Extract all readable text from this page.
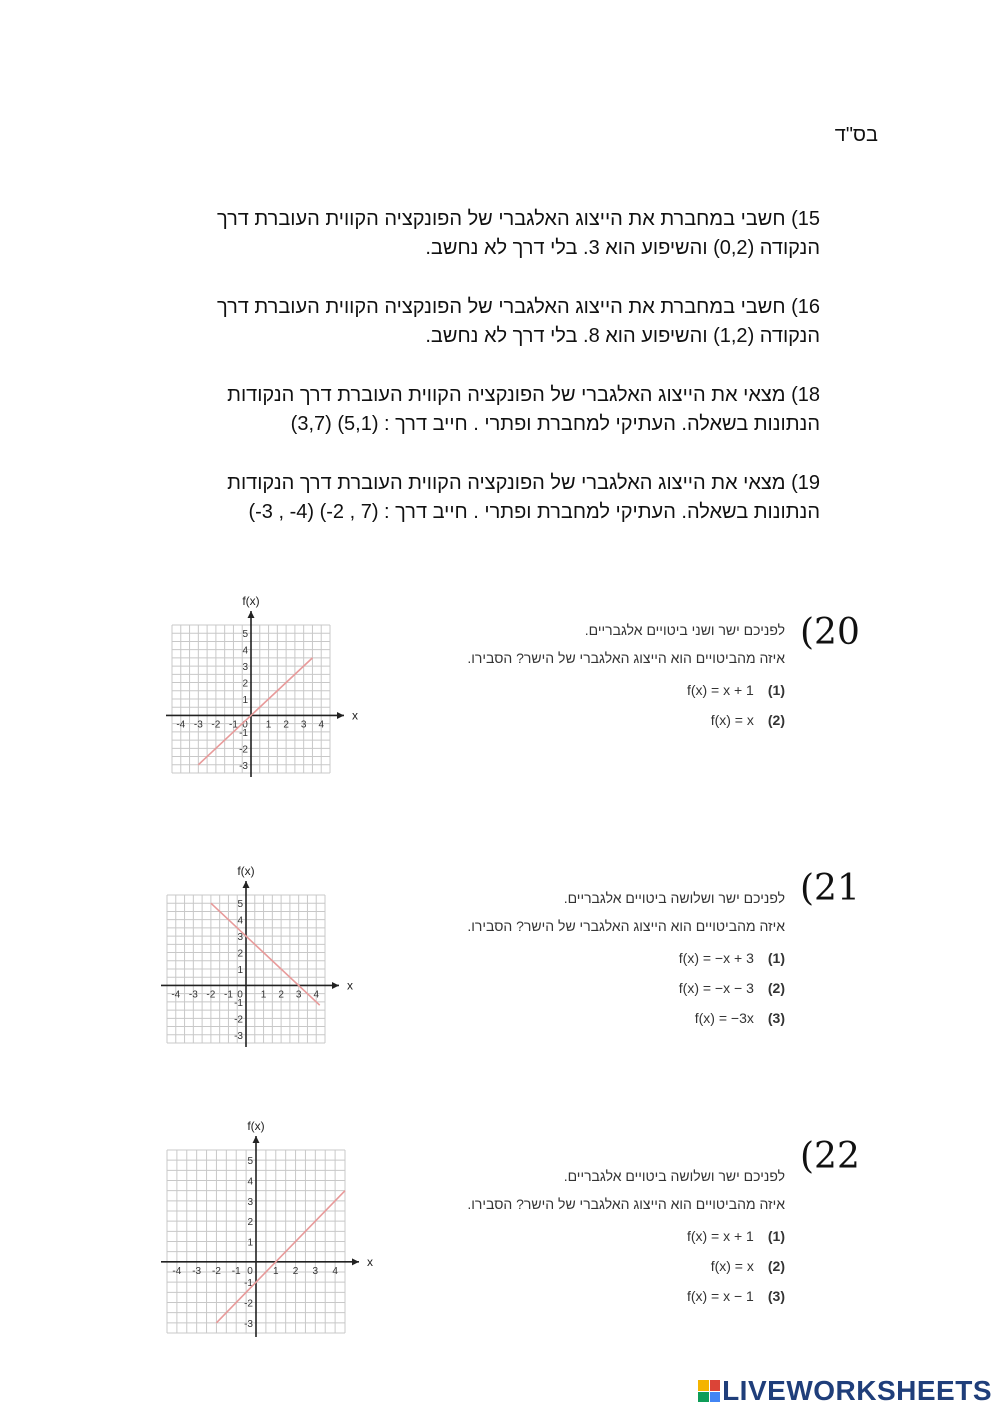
בס"ד
15) חשבי במחברת את הייצוג האלגברי של הפונקציה הקווית העוברת דרך
הנקודה (0,2) והשיפוע הוא 3. בלי דרך לא נחשב.
16) חשבי במחברת את הייצוג האלגברי של הפונקציה הקווית העוברת דרך
הנקודה (1,2) והשיפוע הוא 8. בלי דרך לא נחשב.
18) מצאי את הייצוג האלגברי של הפונקציה הקווית העוברת דרך הנקודות
הנתונות בשאלה. העתיקי למחברת ופתרי . חייב דרך : (5,1) (3,7)
19) מצאי את הייצוג האלגברי של הפונקציה הקווית העוברת דרך הנקודות
הנתונות בשאלה. העתיקי למחברת ופתרי . חייב דרך : (7 , 2-) (4- , 3-)
x
f(x)
-4 -3 -2 -1 0 1 2 3 4
-3
-2
-1
1
2
3
4
5	לפניכם ישר ושני ביטויים אלגבריים.
איזה מהביטויים הוא הייצוג האלגברי של הישר? הסבירו.
(1)f(x) = x + 1
(2)f(x) = x
(20
x
f(x)
-4 -3 -2 -1 0 1 2 3 4
-3
-2
-1
1
2
3
4
5	לפניכם ישר ושלושה ביטויים אלגבריים.
איזה מהביטויים הוא הייצוג האלגברי של הישר? הסבירו.
(1)f(x) = −x + 3
(2)f(x) = −x − 3
(3)f(x) = −3x
(21
x
f(x)
-4 -3 -2 -1 0 1 2 3 4
-3
-2
-1
1
2
3
4
5
לפניכם ישר ושלושה ביטויים אלגבריים.
איזה מהביטויים הוא הייצוג האלגברי של הישר? הסבירו.
(1)f(x) = x + 1
(2)f(x) = x
(3)f(x) = x − 1
(22
LIVEWORKSHEETS
